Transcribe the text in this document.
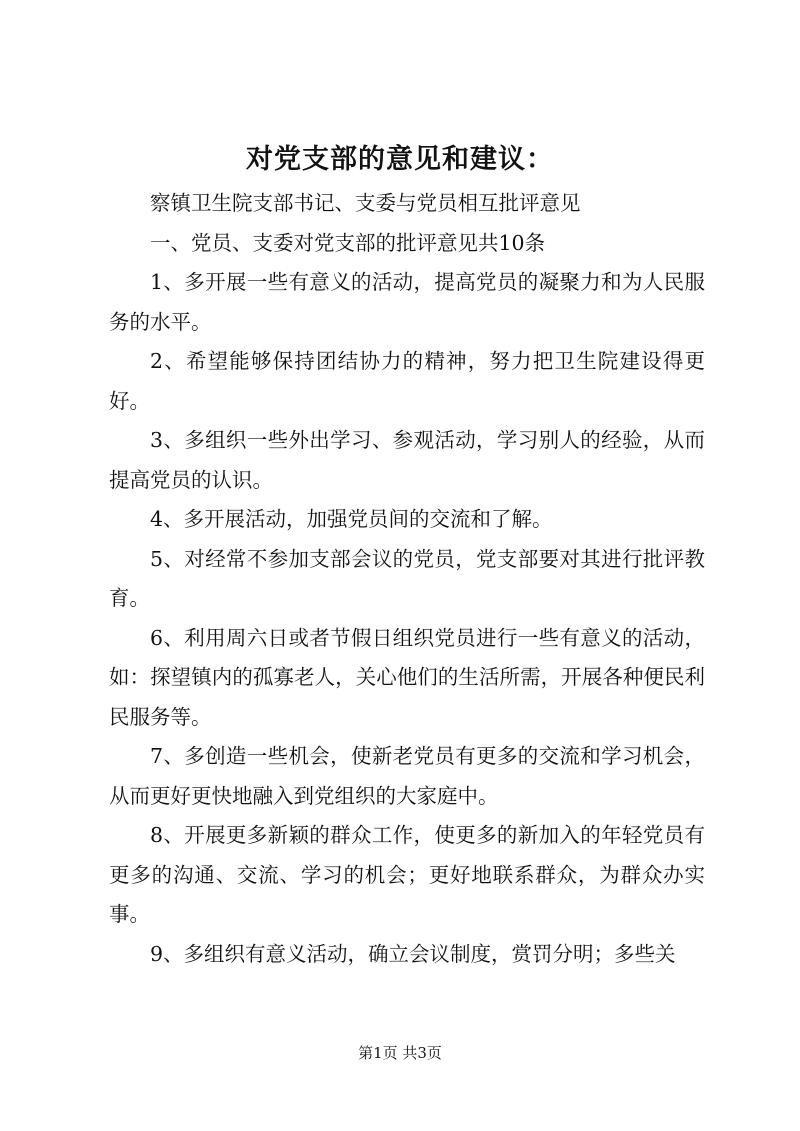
对党支部的意见和建议：

察镇卫生院支部书记、支委与党员相互批评意见

一、党员、支委对党支部的批评意见共10条

1、多开展一些有意义的活动，提高党员的凝聚力和为人民服务的水平。

2、希望能够保持团结协力的精神，努力把卫生院建设得更好。

3、多组织一些外出学习、参观活动，学习别人的经验，从而提高党员的认识。

4、多开展活动，加强党员间的交流和了解。

5、对经常不参加支部会议的党员，党支部要对其进行批评教育。

6、利用周六日或者节假日组织党员进行一些有意义的活动，如：探望镇内的孤寡老人，关心他们的生活所需，开展各种便民利民服务等。

7、多创造一些机会，使新老党员有更多的交流和学习机会，从而更好更快地融入到党组织的大家庭中。

8、开展更多新颖的群众工作，使更多的新加入的年轻党员有更多的沟通、交流、学习的机会；更好地联系群众，为群众办实事。

9、多组织有意义活动，确立会议制度，赏罚分明；多些关

第1页 共3页
